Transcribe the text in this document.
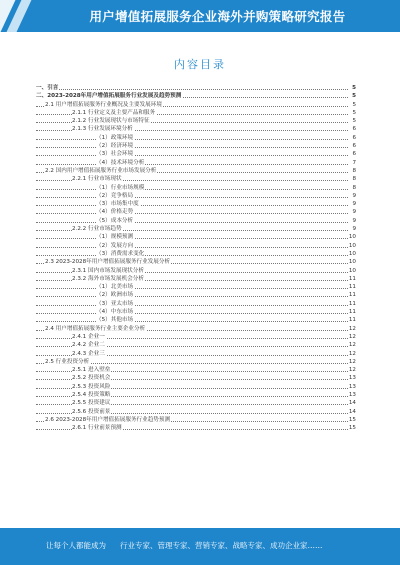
用户增值拓展服务企业海外并购策略研究报告
内容目录
一、引言	5
二、2023-2028年用户增值拓展服务行业发展及趋势预测	5
2.1 用户增值拓展服务行业概况及主要发展环境	5
2.1.1 行业定义及主要产品和服务	5
2.1.2 行业发展现状与市场特征	5
2.1.3 行业发展环境分析	6
（1）政策环境	6
（2）经济环境	6
（3）社会环境	6
（4）技术环境分析	7
2.2 国内用户增值拓展服务行业市场发展分析	8
2.2.1 行业市场现状	8
（1）行业市场规模	8
（2）竞争格局	9
（3）市场集中度	9
（4）价格走势	9
（5）成本分析	9
2.2.2 行业市场趋势	9
（1）规模预测	10
（2）发展方向	10
（3）消费需求变化	10
2.3 2023-2028年用户增值拓展服务行业发展分析	10
2.3.1 国内市场发展现状分析	10
2.3.2 海外市场发展机会分析	11
（1）北美市场	11
（2）欧洲市场	11
（3）亚太市场	11
（4）中东市场	11
（5）其他市场	11
2.4 用户增值拓展服务行业主要企业分析	12
2.4.1 企业一	12
2.4.2 企业二	12
2.4.3 企业三	12
2.5 行业投资分析	12
2.5.1 进入壁垒	12
2.5.2 投资机会	13
2.5.3 投资风险	13
2.5.4 投资策略	13
2.5.5 投资建议	14
2.5.6 投资前景	14
2.6 2023-2028年用户增值拓展服务行业趋势预测	15
2.6.1 行业前景预测	15
让每个人都能成为 行业专家、管理专家、营销专家、战略专家、成功企业家……
